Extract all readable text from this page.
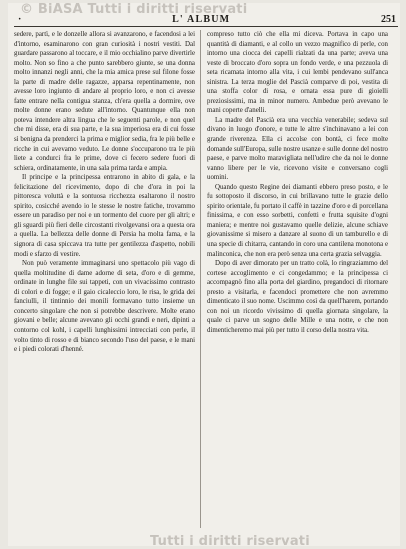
© BiASA Tutti i diritti riservati
·	L' ALBUM	251

sedere, partì, e le donzelle allora si avanzarono, e facendosi a lei d'intorno, esaminarono con gran curiosità i nostri vestiti. Dal guardare passarono al toccare, e il mio occhialino parve divertirle molto. Non so fino a che punto sarebbero giunte, se una donna molto innanzi negli anni, che la mia amica prese sul filone fosse la parte di madre delle ragazze, apparsa repentinamente, non avesse loro ingiunto di andare al proprio loro, e non ci avesse fatte entrare nella contigua stanza, ch'era quella a dormire, ove molte donne erano sedute all'intorno. Quantunque ella non poteva intendere altra lingua che le seguenti parole, e non quel che mi disse, era di sua parte, e la sua imperiosa era di cui fosse sì benigna da prenderci la prima e miglior sedia, fra le più belle e ricche in cui avevamo veduto. Le donne s'occuparono tra le più liete a condurci fra le prime, dove ci fecero sedere fuori di schiera, ordinatamente, in una sala prima tarda e ampia.

Il principe e la principessa entrarono in abito di gala, e la felicitazione del ricevimento, dopo di che d'ora in poi la pittoresca voluttà e la sontuosa ricchezza esaltarono il nostro spirito, cosicché avendo io le stesse le nostre fatiche, trovammo essere un paradiso per noi e un tormento del cuore per gli altri; e gli sguardi più fieri delle circostanti rivolgevansi ora a questa ora a quella. La bellezza delle donne di Persia ha molta fama, e la signora di casa spiccava tra tutte per gentilezza d'aspetto, nobili modi e sfarzo di vestire.

Non può veramente immaginarsi uno spettacolo più vago di quella moltitudine di dame adorne di seta, d'oro e di gemme, ordinate in lunghe file sui tappeti, con un vivacissimo contrasto di colori e di fogge; e il gaio cicaleccio loro, le risa, le grida dei fanciulli, il tintinnio dei monili formavano tutto insieme un concerto singolare che non si potrebbe descrivere. Molte erano giovani e belle; alcune avevano gli occhi grandi e neri, dipinti a contorno col kohl, i capelli lunghissimi intrecciati con perle, il volto tinto di rosso e di bianco secondo l'uso del paese, e le mani e i piedi colorati d'henné.

compreso tutto ciò che ella mi diceva. Portava in capo una quantità di diamanti, e al collo un vezzo magnifico di perle, con intorno una ciocca dei capelli rialzati da una parte; aveva una veste di broccato d'oro sopra un fondo verde, e una pezzuola di seta ricamata intorno alla vita, i cui lembi pendevano sull'anca sinistra. La terza moglie del Pascià comparve di poi, vestita di una stoffa color di rosa, e ornata essa pure di gioielli preziosissimi, ma in minor numero. Ambedue però avevano le mani coperte d'anelli.

La madre del Pascià era una vecchia venerabile; sedeva sul divano in luogo d'onore, e tutte le altre s'inchinavano a lei con grande riverenza. Ella ci accolse con bontà, ci fece molte domande sull'Europa, sulle nostre usanze e sulle donne del nostro paese, e parve molto maravigliata nell'udire che da noi le donne vanno libere per le vie, ricevono visite e conversano cogli uomini.

Quando questo Regine dei diamanti ebbero preso posto, e le fu sottoposto il discorso, in cui brillavano tutte le grazie dello spirito orientale, fu portato il caffè in tazzine d'oro e di porcellana finissima, e con esso sorbetti, confetti e frutta squisite d'ogni maniera; e mentre noi gustavamo quelle delizie, alcune schiave giovanissime si misero a danzare al suono di un tamburello e di una specie di chitarra, cantando in coro una cantilena monotona e malinconica, che non era però senza una certa grazia selvaggia.

Dopo di aver dimorato per un tratto colà, lo ringraziammo del cortese accoglimento e ci congedammo; e la principessa ci accompagnò fino alla porta del giardino, pregandoci di ritornare presto a visitarla, e facendoci promettere che non avremmo dimenticato il suo nome. Uscimmo così da quell'harem, portando con noi un ricordo vivissimo di quella giornata singolare, la quale ci parve un sogno delle Mille e una notte, e che non dimenticheremo mai più per tutto il corso della nostra vita.

Tutti i diritti riservati
